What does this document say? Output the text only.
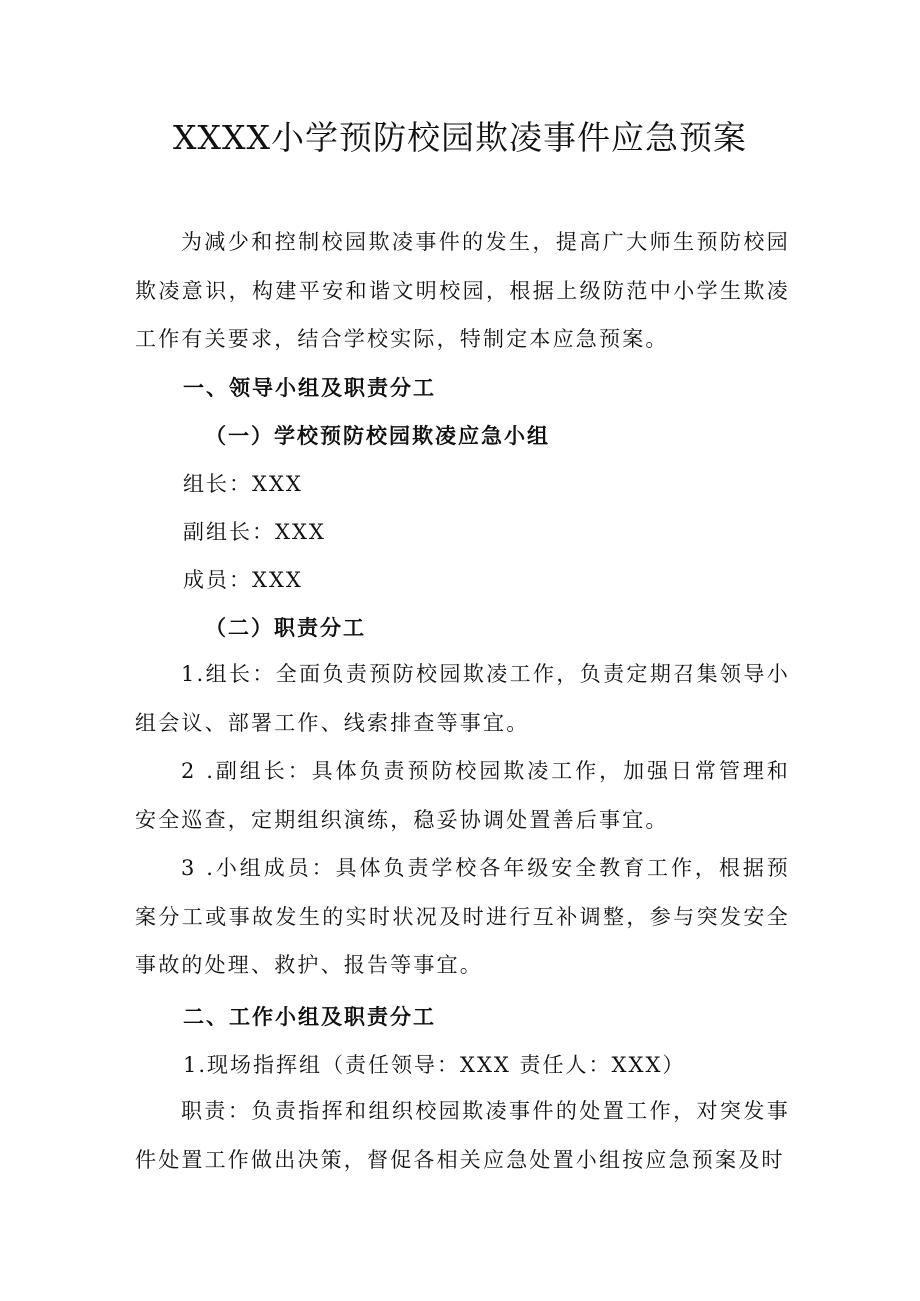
XXXX小学预防校园欺凌事件应急预案

为减少和控制校园欺凌事件的发生，提高广大师生预防校园欺凌意识，构建平安和谐文明校园，根据上级防范中小学生欺凌工作有关要求，结合学校实际，特制定本应急预案。

一、领导小组及职责分工
（一）学校预防校园欺凌应急小组
组长：XXX
副组长：XXX
成员：XXX
（二）职责分工

1.组长：全面负责预防校园欺凌工作，负责定期召集领导小组会议、部署工作、线索排查等事宜。

2 .副组长：具体负责预防校园欺凌工作，加强日常管理和安全巡查，定期组织演练，稳妥协调处置善后事宜。

3 .小组成员：具体负责学校各年级安全教育工作，根据预案分工或事故发生的实时状况及时进行互补调整，参与突发安全事故的处理、救护、报告等事宜。

二、工作小组及职责分工
1.现场指挥组（责任领导：XXX 责任人：XXX）

职责：负责指挥和组织校园欺凌事件的处置工作，对突发事件处置工作做出决策，督促各相关应急处置小组按应急预案及时
